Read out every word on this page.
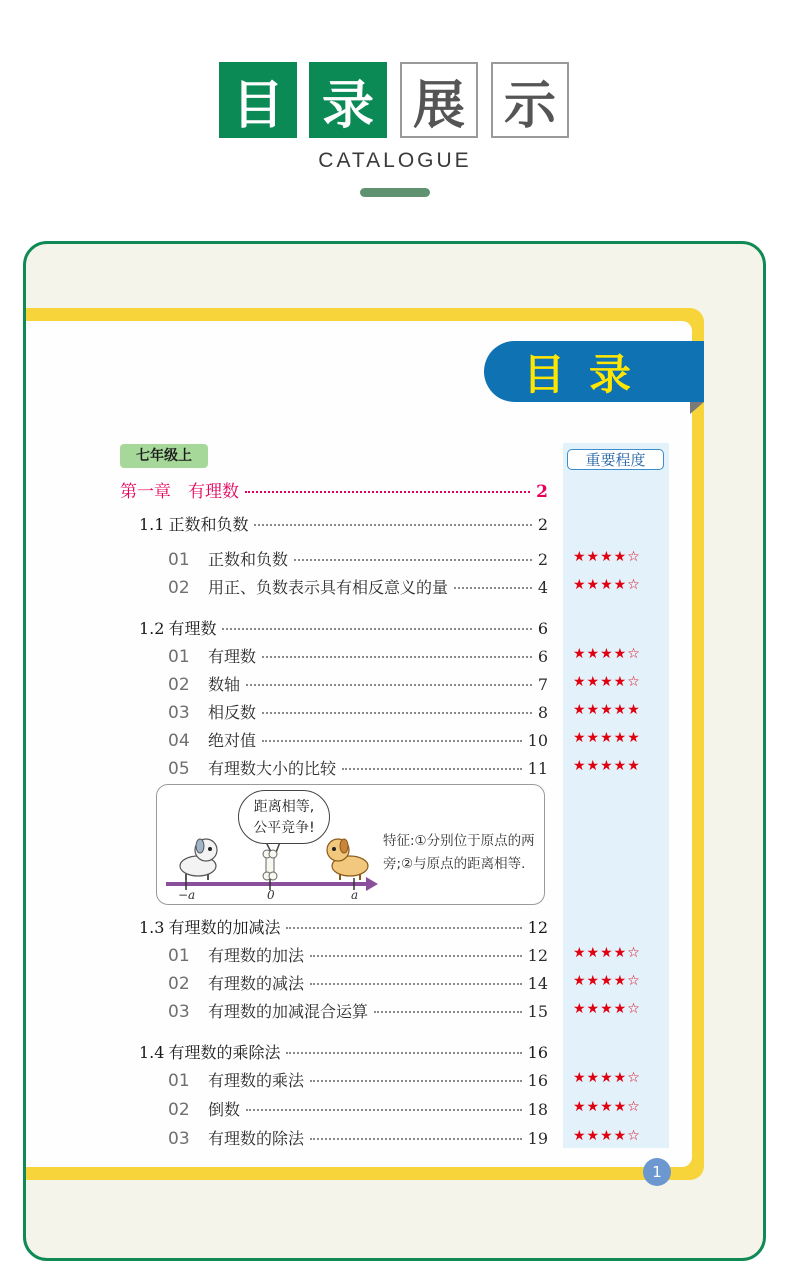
目 录 展 示
CATALOGUE
目录
重要程度
七年级上
第一章　有理数	2
1.1 正数和负数	2
01	正数和负数	2 ★★★★☆
02	用正、负数表示具有相反意义的量	4 ★★★★☆
1.2 有理数	6
01	有理数	6 ★★★★☆
02	数轴	7 ★★★★☆
03	相反数	8 ★★★★★
04	绝对值	10 ★★★★★
05	有理数大小的比较	11 ★★★★★
距离相等,
公平竞争!
特征:①分别位于原点的两旁;②与原点的距离相等.
−a	0	a
1.3 有理数的加减法	12
01	有理数的加法	12 ★★★★☆
02	有理数的减法	14 ★★★★☆
03	有理数的加减混合运算	15 ★★★★☆
1.4 有理数的乘除法	16
01	有理数的乘法	16 ★★★★☆
02	倒数	18 ★★★★☆
03	有理数的除法	19 ★★★★☆
1
